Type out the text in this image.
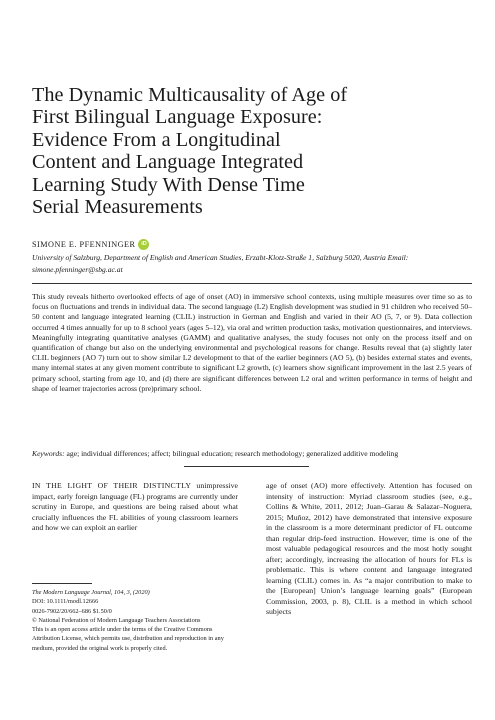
The Dynamic Multicausality of Age of
First Bilingual Language Exposure:
Evidence From a Longitudinal
Content and Language Integrated
Learning Study With Dense Time
Serial Measurements
SIMONE E. PFENNINGER	iD
University of Salzburg, Department of English and American Studies, Erzabt-Klotz-Straße 1, Salzburg 5020, Austria Email: simone.pfenninger@sbg.ac.at

This study reveals hitherto overlooked effects of age of onset (AO) in immersive school contexts, using multiple measures over time so as to focus on fluctuations and trends in individual data. The second language (L2) English development was studied in 91 children who received 50–50 content and language integrated learning (CLIL) instruction in German and English and varied in their AO (5, 7, or 9). Data collection occurred 4 times annually for up to 8 school years (ages 5–12), via oral and written production tasks, motivation questionnaires, and interviews. Meaningfully integrating quantitative analyses (GAMM) and qualitative analyses, the study focuses not only on the process itself and on quantification of change but also on the underlying environmental and psychological reasons for change. Results reveal that (a) slightly later CLIL beginners (AO 7) turn out to show similar L2 development to that of the earlier beginners (AO 5), (b) besides external states and events, many internal states at any given moment contribute to significant L2 growth, (c) learners show significant improvement in the last 2.5 years of primary school, starting from age 10, and (d) there are significant differences between L2 oral and written performance in terms of height and shape of learner trajectories across (pre)primary school.

Keywords: age; individual differences; affect; bilingual education; research methodology; generalized additive modeling

IN THE LIGHT OF THEIR DISTINCTLY unimpressive impact, early foreign language (FL) programs are currently under scrutiny in Europe, and questions are being raised about what crucially influences the FL abilities of young classroom learners and how we can exploit an earlier

The Modern Language Journal, 104, 3, (2020)
DOI: 10.1111/modl.12666
0026-7902/20/662–686 $1.50/0
© National Federation of Modern Language Teachers Associations
This is an open access article under the terms of the Creative Commons Attribution License, which permits use, distribution and reproduction in any medium, provided the original work is properly cited.

age of onset (AO) more effectively. Attention has focused on intensity of instruction: Myriad classroom studies (see, e.g., Collins & White, 2011, 2012; Juan–Garau & Salazar–Noguera, 2015; Muñoz, 2012) have demonstrated that intensive exposure in the classroom is a more determinant predictor of FL outcome than regular drip-feed instruction. However, time is one of the most valuable pedagogical resources and the most hotly sought after; accordingly, increasing the allocation of hours for FLs is problematic. This is where content and language integrated learning (CLIL) comes in. As “a major contribution to make to the [European] Union’s language learning goals” (European Commission, 2003, p. 8), CLIL is a method in which school subjects
